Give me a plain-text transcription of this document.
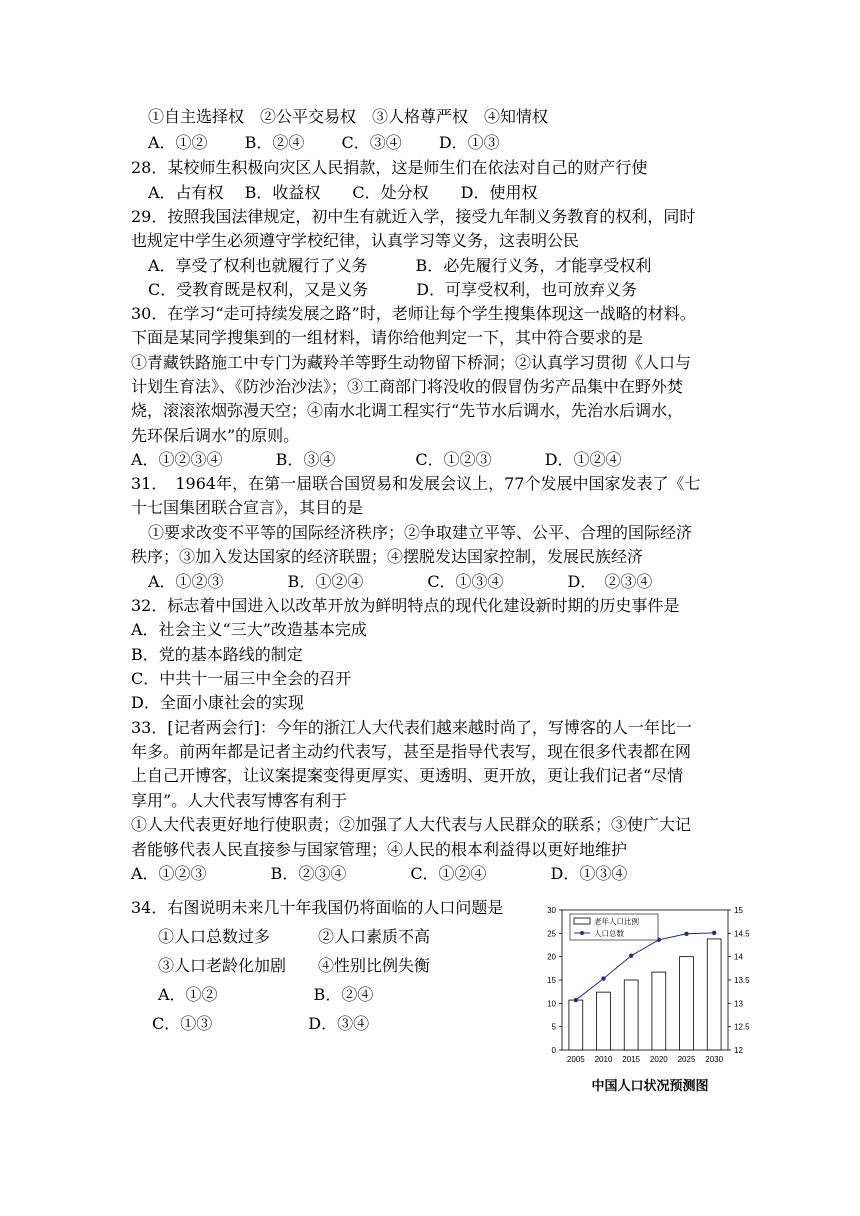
①自主选择权　②公平交易权　③人格尊严权　④知情权
A．①②　　 B．②④　　 C．③④　　 D．①③
28．某校师生积极向灾区人民捐款，这是师生们在依法对自己的财产行使
A．占有权　 B．收益权　　C．处分权　　D．使用权
29．按照我国法律规定，初中生有就近入学，接受九年制义务教育的权利，同时
也规定中学生必须遵守学校纪律，认真学习等义务，这表明公民
A．享受了权利也就履行了义务　　　B．必先履行义务，才能享受权利
C．受教育既是权利，又是义务　　　D．可享受权利，也可放弃义务
30．在学习“走可持续发展之路”时，老师让每个学生搜集体现这一战略的材料。
下面是某同学搜集到的一组材料，请你给他判定一下，其中符合要求的是
①青藏铁路施工中专门为藏羚羊等野生动物留下桥洞；②认真学习贯彻《人口与
计划生育法》、《防沙治沙法》；③工商部门将没收的假冒伪劣产品集中在野外焚
烧，滚滚浓烟弥漫天空；④南水北调工程实行“先节水后调水，先治水后调水，
先环保后调水”的原则。
A．①②③④　　　 B．③④　　　　　C．①②③　　　 D．①②④
31．　1964年，在第一届联合国贸易和发展会议上，77个发展中国家发表了《七
十七国集团联合宣言》，其目的是
①要求改变不平等的国际经济秩序；②争取建立平等、公平、合理的国际经济
秩序；③加入发达国家的经济联盟；④摆脱发达国家控制，发展民族经济
A．①②③　　　　B．①②④　　　　C．①③④　　　　D．　②③④
32．标志着中国进入以改革开放为鲜明特点的现代化建设新时期的历史事件是
A．社会主义“三大”改造基本完成
B．党的基本路线的制定
C．中共十一届三中全会的召开
D．全面小康社会的实现
33．[记者两会行]：今年的浙江人大代表们越来越时尚了，写博客的人一年比一
年多。前两年都是记者主动约代表写，甚至是指导代表写，现在很多代表都在网
上自己开博客，让议案提案变得更厚实、更透明、更开放，更让我们记者“尽情
享用”。人大代表写博客有利于
①人大代表更好地行使职责；②加强了人大代表与人民群众的联系；③使广大记
者能够代表人民直接参与国家管理；④人民的根本利益得以更好地维护
A．①②③　　　　B．②③④　　　　C．①②④　　　　D．①③④
34．右图说明未来几十年我国仍将面临的人口问题是
①人口总数过多　　　②人口素质不高
③人口老龄化加剧　　④性别比例失衡
A．①②　　　　　　B．②④
C．①③　　　　　　D．③④
0
5
10
15
20
25
30
12
12.5
13
13.5
14
14.5
15
2005 2010 2015 2020 2025 2030
老年人口比例
人口总数
中国人口状况预测图
